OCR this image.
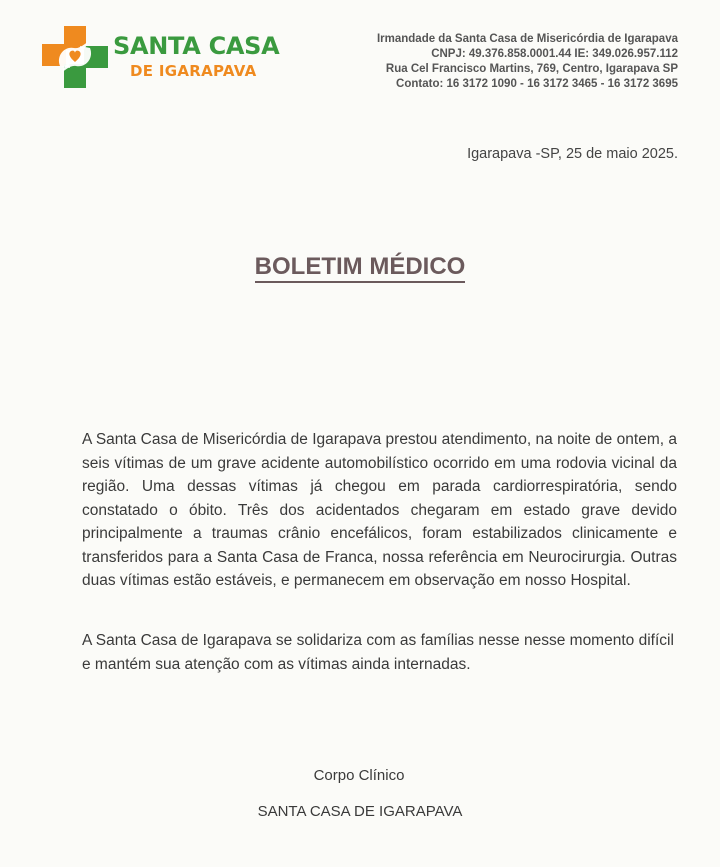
SANTA CASA
DE IGARAPAVA
Irmandade da Santa Casa de Misericórdia de Igarapava
CNPJ: 49.376.858.0001.44 IE: 349.026.957.112
Rua Cel Francisco Martins, 769, Centro, Igarapava SP
Contato: 16 3172 1090 - 16 3172 3465 - 16 3172 3695
Igarapava -SP, 25 de maio 2025.
BOLETIM MÉDICO

A Santa Casa de Misericórdia de Igarapava prestou atendimento, na noite de ontem, a seis vítimas de um grave acidente automobilístico ocorrido em uma rodovia vicinal da região. Uma dessas vítimas já chegou em parada cardiorrespiratória, sendo constatado o óbito. Três dos acidentados chegaram em estado grave devido principalmente a traumas crânio encefálicos, foram estabilizados clinicamente e transferidos para a Santa Casa de Franca, nossa referência em Neurocirurgia. Outras duas vítimas estão estáveis, e permanecem em observação em nosso Hospital.

A Santa Casa de Igarapava se solidariza com as famílias nesse nesse momento difícil e mantém sua atenção com as vítimas ainda internadas.

Corpo Clínico
SANTA CASA DE IGARAPAVA
